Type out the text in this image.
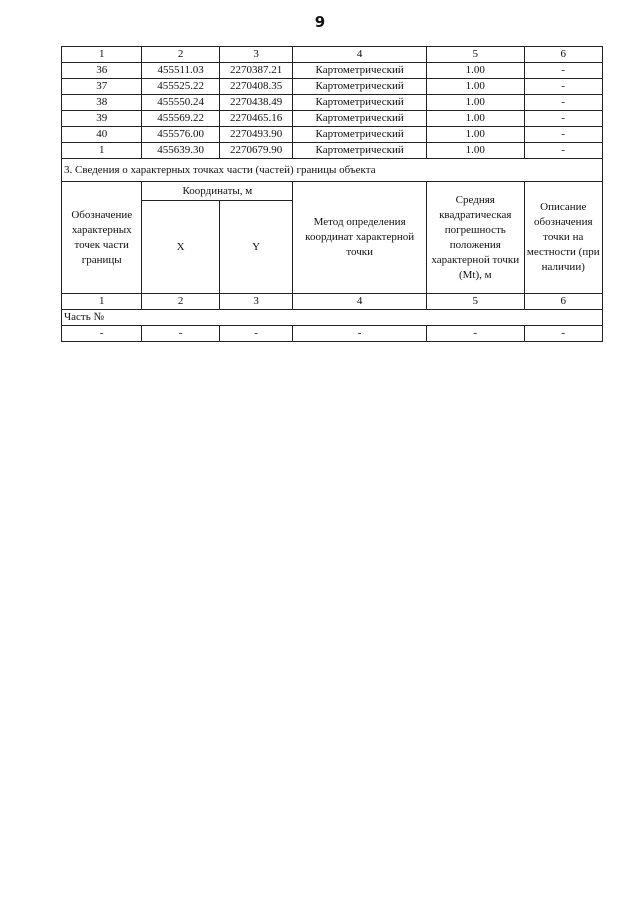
9
1	2	3	4	5	6
36	455511.03	2270387.21	Картометрический	1.00	-
37	455525.22	2270408.35	Картометрический	1.00	-
38	455550.24	2270438.49	Картометрический	1.00	-
39	455569.22	2270465.16	Картометрический	1.00	-
40	455576.00	2270493.90	Картометрический	1.00	-
1	455639.30	2270679.90	Картометрический	1.00	-
3. Сведения о характерных точках части (частей) границы объекта					
Обозначение характерных точек части границы	Координаты, м		Метод определения координат характерной точки	Средняя квадратическая погрешность положения характерной точки (Mt), м	Описание обозначения точки на местности (при наличии)
	X	Y			
1	2	3	4	5	6
Часть №					
-	-	-	-	-	-
